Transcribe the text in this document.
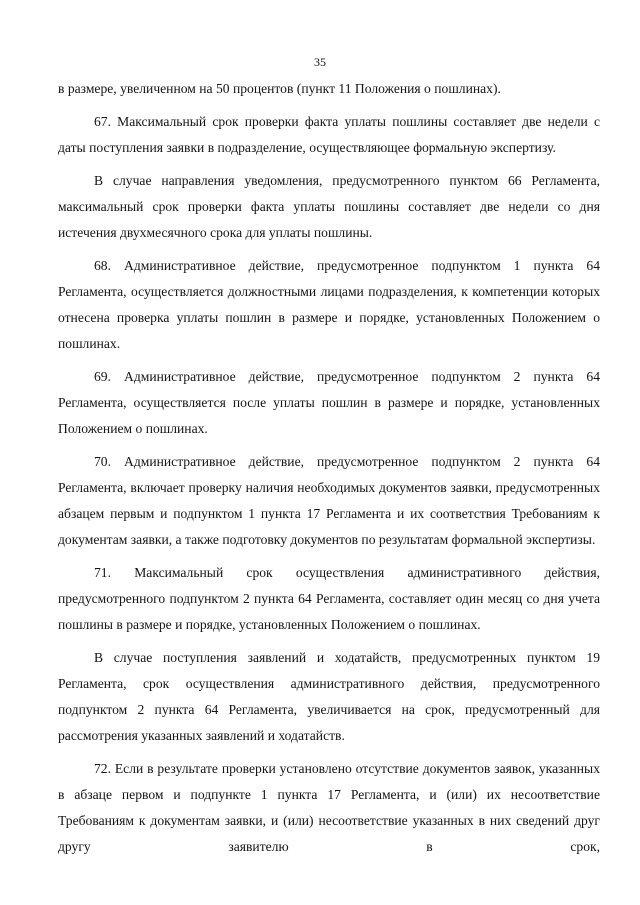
35

в размере, увеличенном на 50 процентов (пункт 11 Положения о пошлинах).

67. Максимальный срок проверки факта уплаты пошлины составляет две недели с даты поступления заявки в подразделение, осуществляющее формальную экспертизу.

В случае направления уведомления, предусмотренного пунктом 66 Регламента, максимальный срок проверки факта уплаты пошлины составляет две недели со дня истечения двухмесячного срока для уплаты пошлины.

68. Административное действие, предусмотренное подпунктом 1 пункта 64 Регламента, осуществляется должностными лицами подразделения, к компетенции которых отнесена проверка уплаты пошлин в размере и порядке, установленных Положением о пошлинах.

69. Административное действие, предусмотренное подпунктом 2 пункта 64 Регламента, осуществляется после уплаты пошлин в размере и порядке, установленных Положением о пошлинах.

70. Административное действие, предусмотренное подпунктом 2 пункта 64 Регламента, включает проверку наличия необходимых документов заявки, предусмотренных абзацем первым и подпунктом 1 пункта 17 Регламента и их соответствия Требованиям к документам заявки, а также подготовку документов по результатам формальной экспертизы.

71. Максимальный срок осуществления административного действия, предусмотренного подпунктом 2 пункта 64 Регламента, составляет один месяц со дня учета пошлины в размере и порядке, установленных Положением о пошлинах.

В случае поступления заявлений и ходатайств, предусмотренных пунктом 19 Регламента, срок осуществления административного действия, предусмотренного подпунктом 2 пункта 64 Регламента, увеличивается на срок, предусмотренный для рассмотрения указанных заявлений и ходатайств.

72. Если в результате проверки установлено отсутствие документов заявок, указанных в абзаце первом и подпункте 1 пункта 17 Регламента, и (или) их несоответствие Требованиям к документам заявки, и (или) несоответствие указанных в них сведений друг другу заявителю в срок,
